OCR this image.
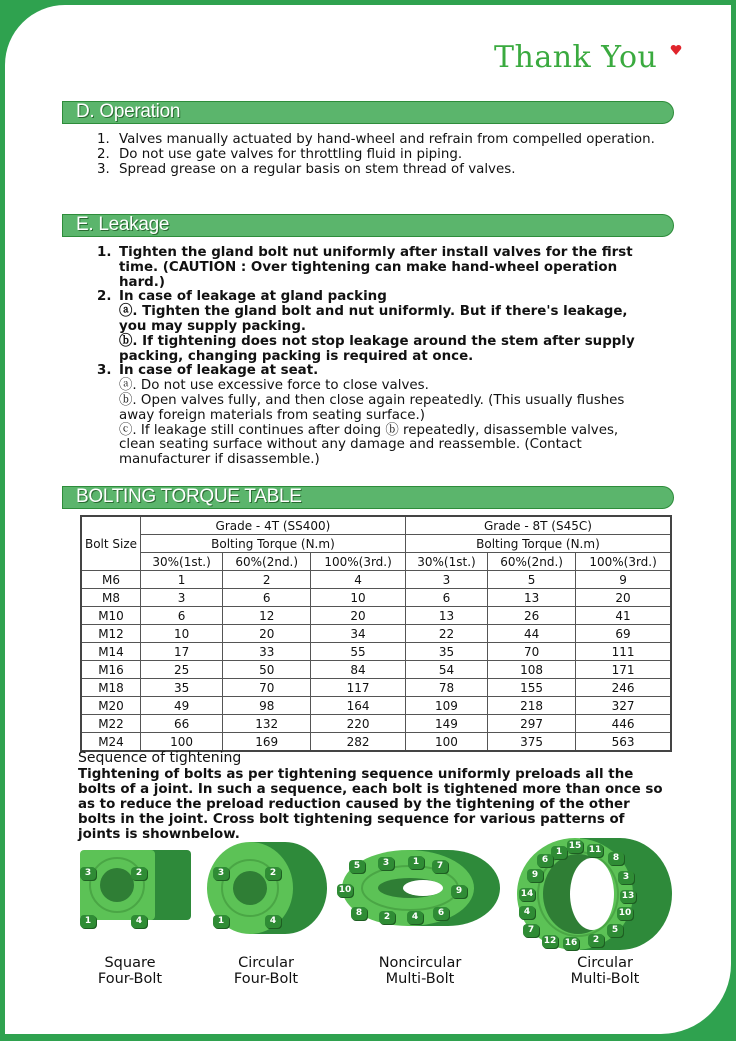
Thank You
D. Operation
1. Valves manually actuated by hand-wheel and refrain from compelled operation.
2. Do not use gate valves for throttling fluid in piping.
3. Spread grease on a regular basis on stem thread of valves.
E. Leakage
1. Tighten the gland bolt nut uniformly after install valves for the first time. (CAUTION : Over tightening can make hand-wheel operation hard.)
2. In case of leakage at gland packing
ⓐ. Tighten the gland bolt and nut uniformly. But if there's leakage, you may supply packing.
ⓑ. If tightening does not stop leakage around the stem after supply packing, changing packing is required at once.
3. In case of leakage at seat.
ⓐ. Do not use excessive force to close valves.
ⓑ. Open valves fully, and then close again repeatedly. (This usually flushes away foreign materials from seating surface.)
ⓒ. If leakage still continues after doing ⓑ repeatedly, disassemble valves, clean seating surface without any damage and reassemble. (Contact manufacturer if disassemble.)
BOLTING TORQUE TABLE
Bolt Size	Grade - 4T (SS400)			Grade - 8T (S45C)		
	Bolting Torque (N.m)			Bolting Torque (N.m)		
	30%(1st.)	60%(2nd.)	100%(3rd.)	30%(1st.)	60%(2nd.)	100%(3rd.)
M6	1	2	4	3	5	9
M8	3	6	10	6	13	20
M10	6	12	20	13	26	41
M12	10	20	34	22	44	69
M14	17	33	55	35	70	111
M16	25	50	84	54	108	171
M18	35	70	117	78	155	246
M20	49	98	164	109	218	327
M22	66	132	220	149	297	446
M24	100	169	282	100	375	563
Sequence of tightening
Tightening of bolts as per tightening sequence uniformly preloads all the bolts of a joint. In such a sequence, each bolt is tightened more than once so as to reduce the preload reduction caused by the tightening of the other bolts in the joint. Cross bolt tightening sequence for various patterns of joints is shownbelow.
3	2
1	4
3	2
1	4
5	3	1	7
10	9
8	2	4	6
1
15 11
6	8
9	3
14	13
4	10
7	5
12 16	2
Square
Four-Bolt
Circular
Four-Bolt
Noncircular
Multi-Bolt
Circular
Multi-Bolt
